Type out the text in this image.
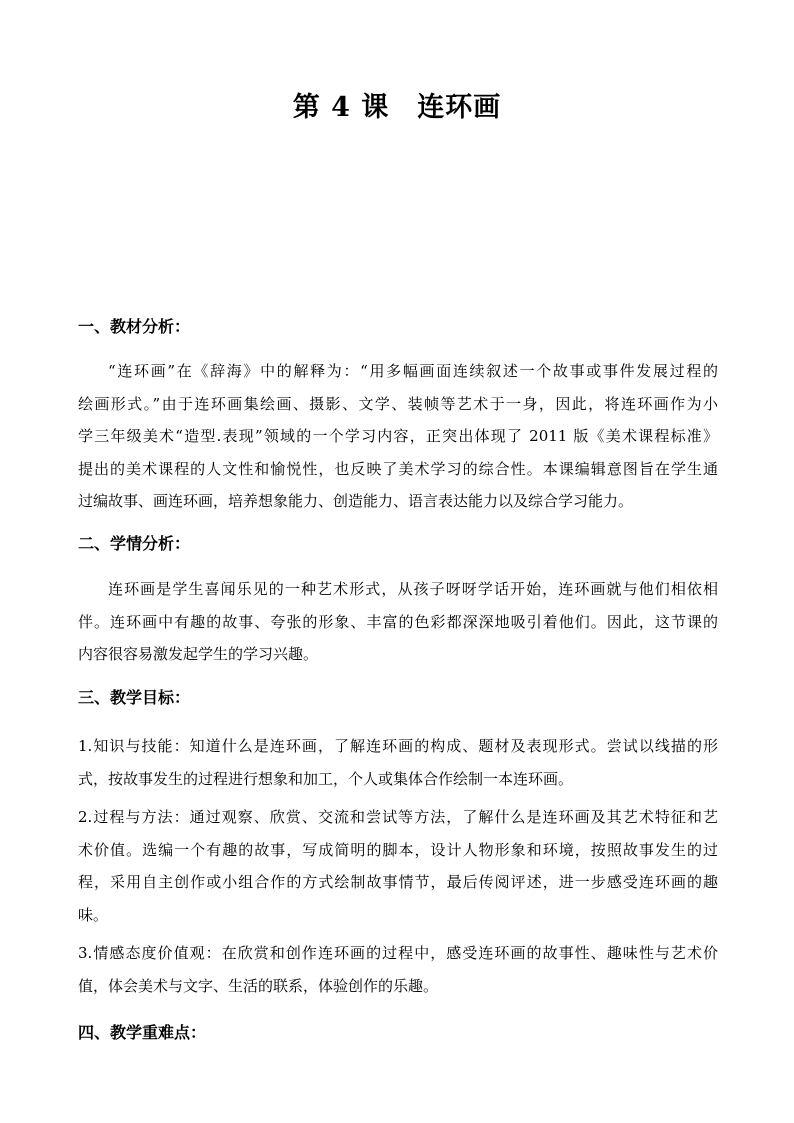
第 4 课 连环画
一、教材分析：
“连环画”在《辞海》中的解释为：“用多幅画面连续叙述一个故事或事件发展过程的
绘画形式。”由于连环画集绘画、摄影、文学、装帧等艺术于一身，因此，将连环画作为小
学三年级美术“造型.表现”领域的一个学习内容，正突出体现了 2011 版《美术课程标准》
提出的美术课程的人文性和愉悦性，也反映了美术学习的综合性。本课编辑意图旨在学生通
过编故事、画连环画，培养想象能力、创造能力、语言表达能力以及综合学习能力。
二、学情分析：
连环画是学生喜闻乐见的一种艺术形式，从孩子呀呀学话开始，连环画就与他们相依相
伴。连环画中有趣的故事、夸张的形象、丰富的色彩都深深地吸引着他们。因此，这节课的
内容很容易激发起学生的学习兴趣。
三、教学目标：
1.知识与技能：知道什么是连环画，了解连环画的构成、题材及表现形式。尝试以线描的形
式，按故事发生的过程进行想象和加工，个人或集体合作绘制一本连环画。
2.过程与方法：通过观察、欣赏、交流和尝试等方法，了解什么是连环画及其艺术特征和艺
术价值。选编一个有趣的故事，写成简明的脚本，设计人物形象和环境，按照故事发生的过
程，采用自主创作或小组合作的方式绘制故事情节，最后传阅评述，进一步感受连环画的趣
味。
3.情感态度价值观：在欣赏和创作连环画的过程中，感受连环画的故事性、趣味性与艺术价
值，体会美术与文字、生活的联系，体验创作的乐趣。
四、教学重难点：
